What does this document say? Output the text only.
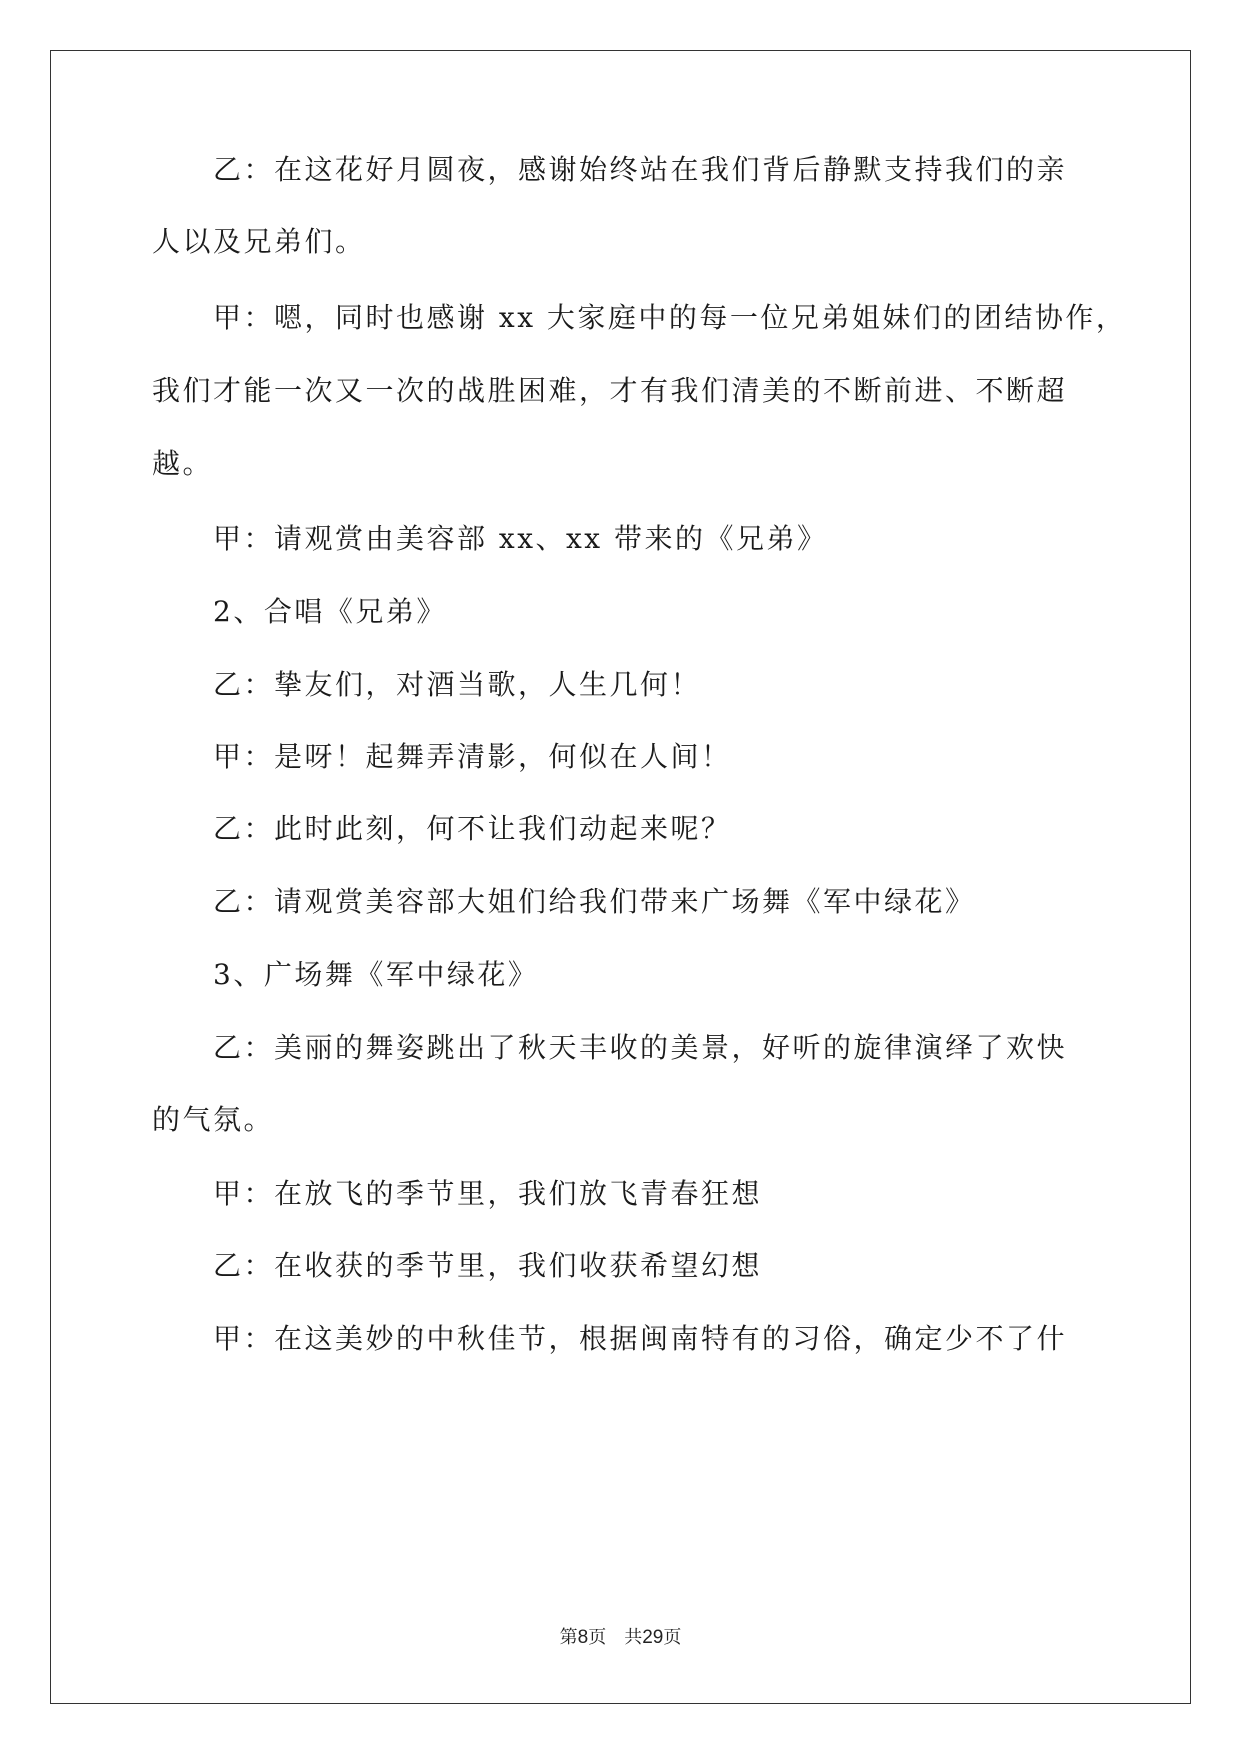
　　乙：在这花好月圆夜，感谢始终站在我们背后静默支持我们的亲
人以及兄弟们。
　　甲：嗯，同时也感谢 xx 大家庭中的每一位兄弟姐妹们的团结协作，
我们才能一次又一次的战胜困难，才有我们清美的不断前进、不断超
越。
　　甲：请观赏由美容部 xx、xx 带来的《兄弟》
　　2、合唱《兄弟》
　　乙：挚友们，对酒当歌，人生几何！
　　甲：是呀！起舞弄清影，何似在人间！
　　乙：此时此刻，何不让我们动起来呢？
　　乙：请观赏美容部大姐们给我们带来广场舞《军中绿花》
　　3、广场舞《军中绿花》
　　乙：美丽的舞姿跳出了秋天丰收的美景，好听的旋律演绎了欢快
的气氛。
　　甲：在放飞的季节里，我们放飞青春狂想
　　乙：在收获的季节里，我们收获希望幻想
　　甲：在这美妙的中秋佳节，根据闽南特有的习俗，确定少不了什
第8页 共29页
